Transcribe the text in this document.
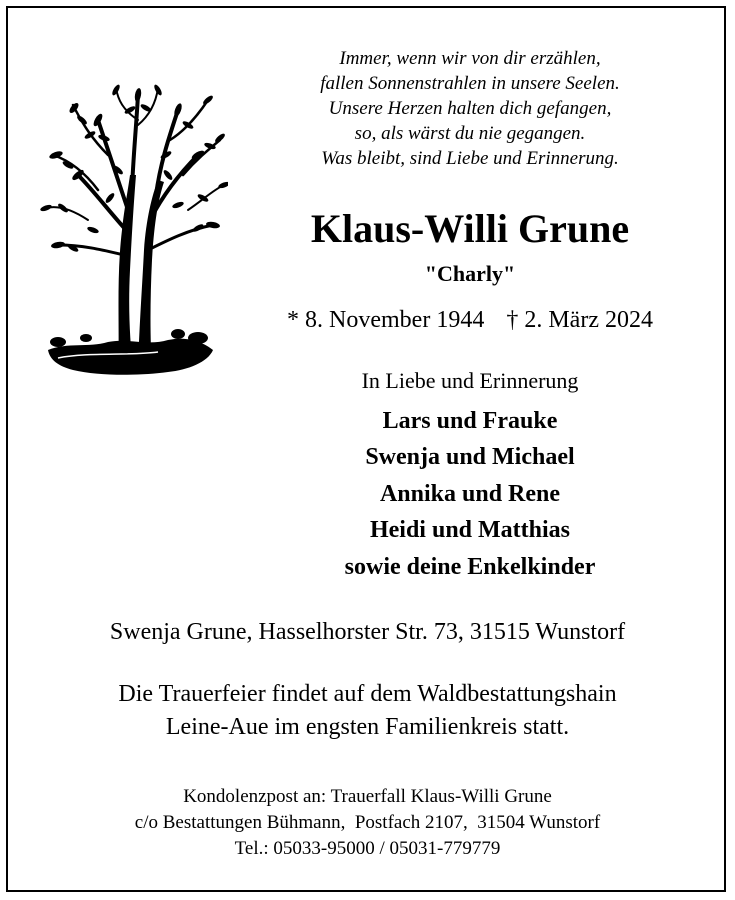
Immer, wenn wir von dir erzählen,
fallen Sonnenstrahlen in unsere Seelen.
Unsere Herzen halten dich gefangen,
so, als wärst du nie gegangen.
Was bleibt, sind Liebe und Erinnerung.
Klaus-Willi Grune
"Charly"
* 8. November 1944 † 2. März 2024
In Liebe und Erinnerung
Lars und Frauke
Swenja und Michael
Annika und Rene
Heidi und Matthias
sowie deine Enkelkinder
Swenja Grune, Hasselhorster Str. 73, 31515 Wunstorf
Die Trauerfeier findet auf dem Waldbestattungshain
Leine-Aue im engsten Familienkreis statt.
Kondolenzpost an: Trauerfall Klaus-Willi Grune
c/o Bestattungen Bühmann,  Postfach 2107,  31504 Wunstorf
Tel.: 05033-95000 / 05031-779779
